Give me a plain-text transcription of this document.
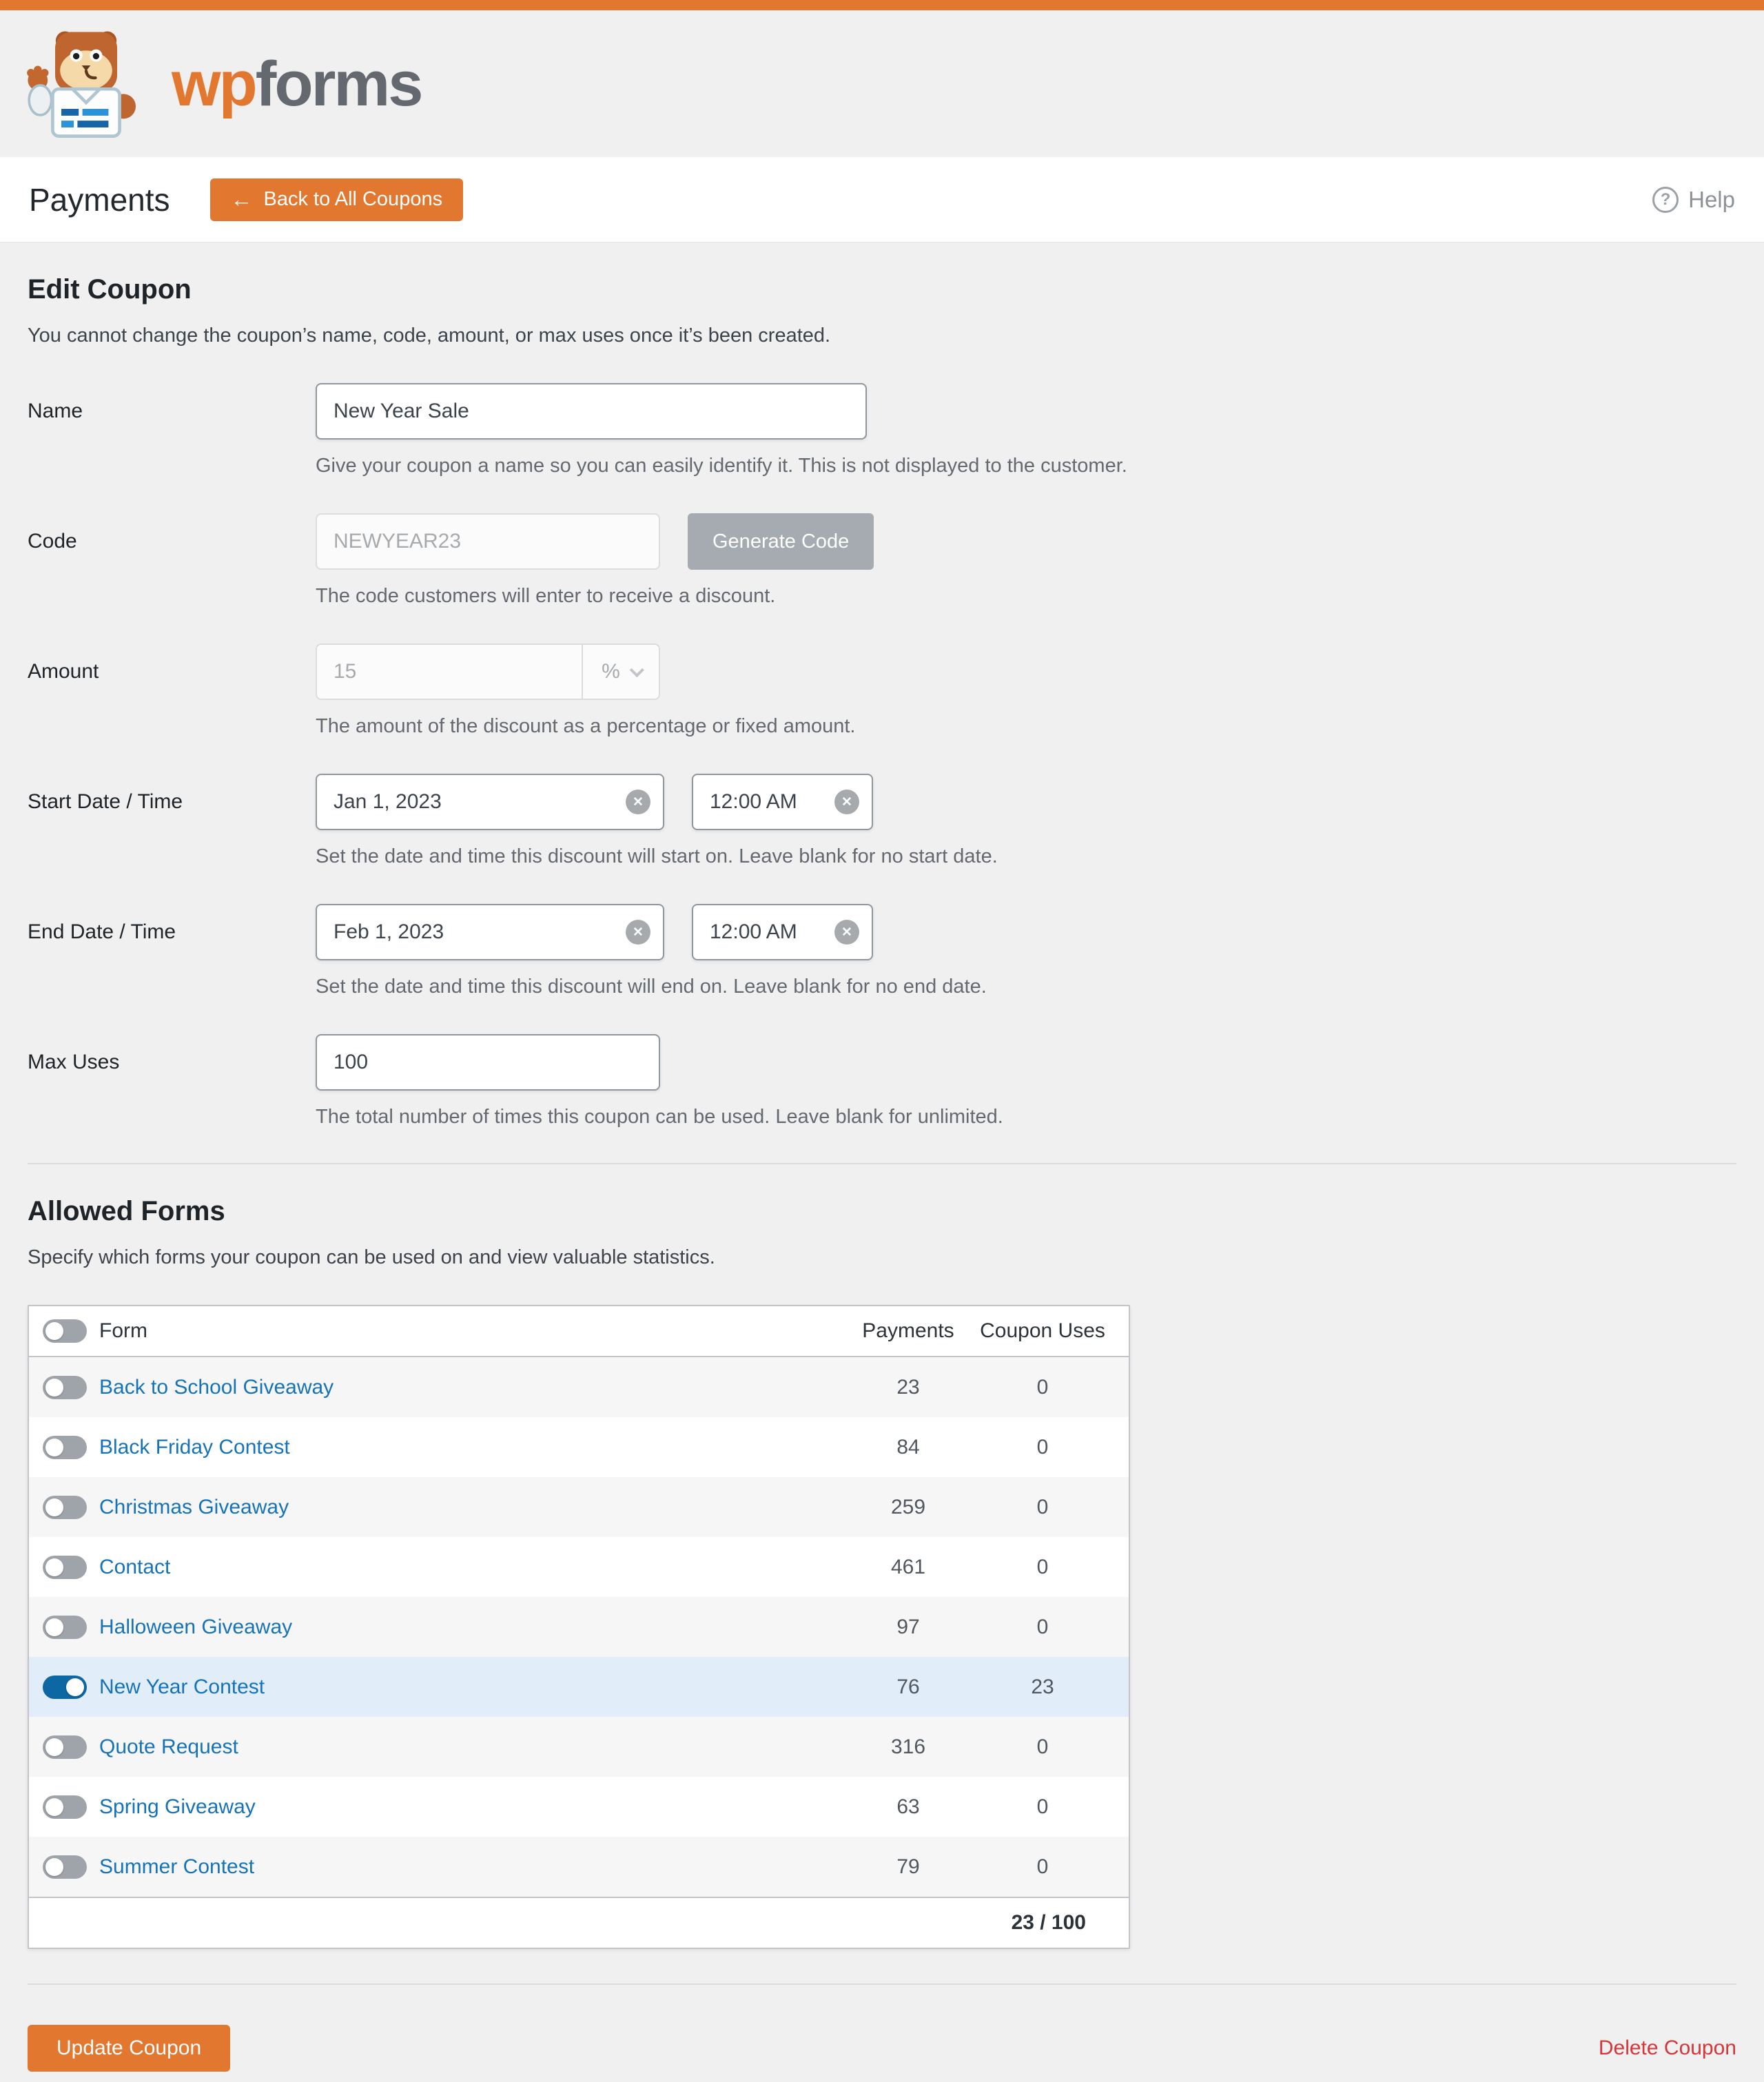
wpforms
Payments	← Back to All Coupons	? Help
Edit Coupon

You cannot change the coupon’s name, code, amount, or max uses once it’s been created.

Name
New Year Sale
Give your coupon a name so you can easily identify it. This is not displayed to the customer.
Code
NEWYEAR23	Generate Code
The code customers will enter to receive a discount.
Amount	15	%
The amount of the discount as a percentage or fixed amount.
Start Date / Time
Jan 1, 2023	✕
12:00 AM	✕
Set the date and time this discount will start on. Leave blank for no start date.
End Date / Time
Feb 1, 2023	✕
12:00 AM	✕
Set the date and time this discount will end on. Leave blank for no end date.
Max Uses
100
The total number of times this coupon can be used. Leave blank for unlimited.
Allowed Forms

Specify which forms your coupon can be used on and view valuable statistics.

Form	Payments	Coupon Uses
Back to School Giveaway	23	0
Black Friday Contest	84	0
Christmas Giveaway	259	0
Contact	461	0
Halloween Giveaway	97	0
New Year Contest	76	23
Quote Request	316	0
Spring Giveaway	63	0
Summer Contest	79	0
23 / 100
Update Coupon	Delete Coupon
